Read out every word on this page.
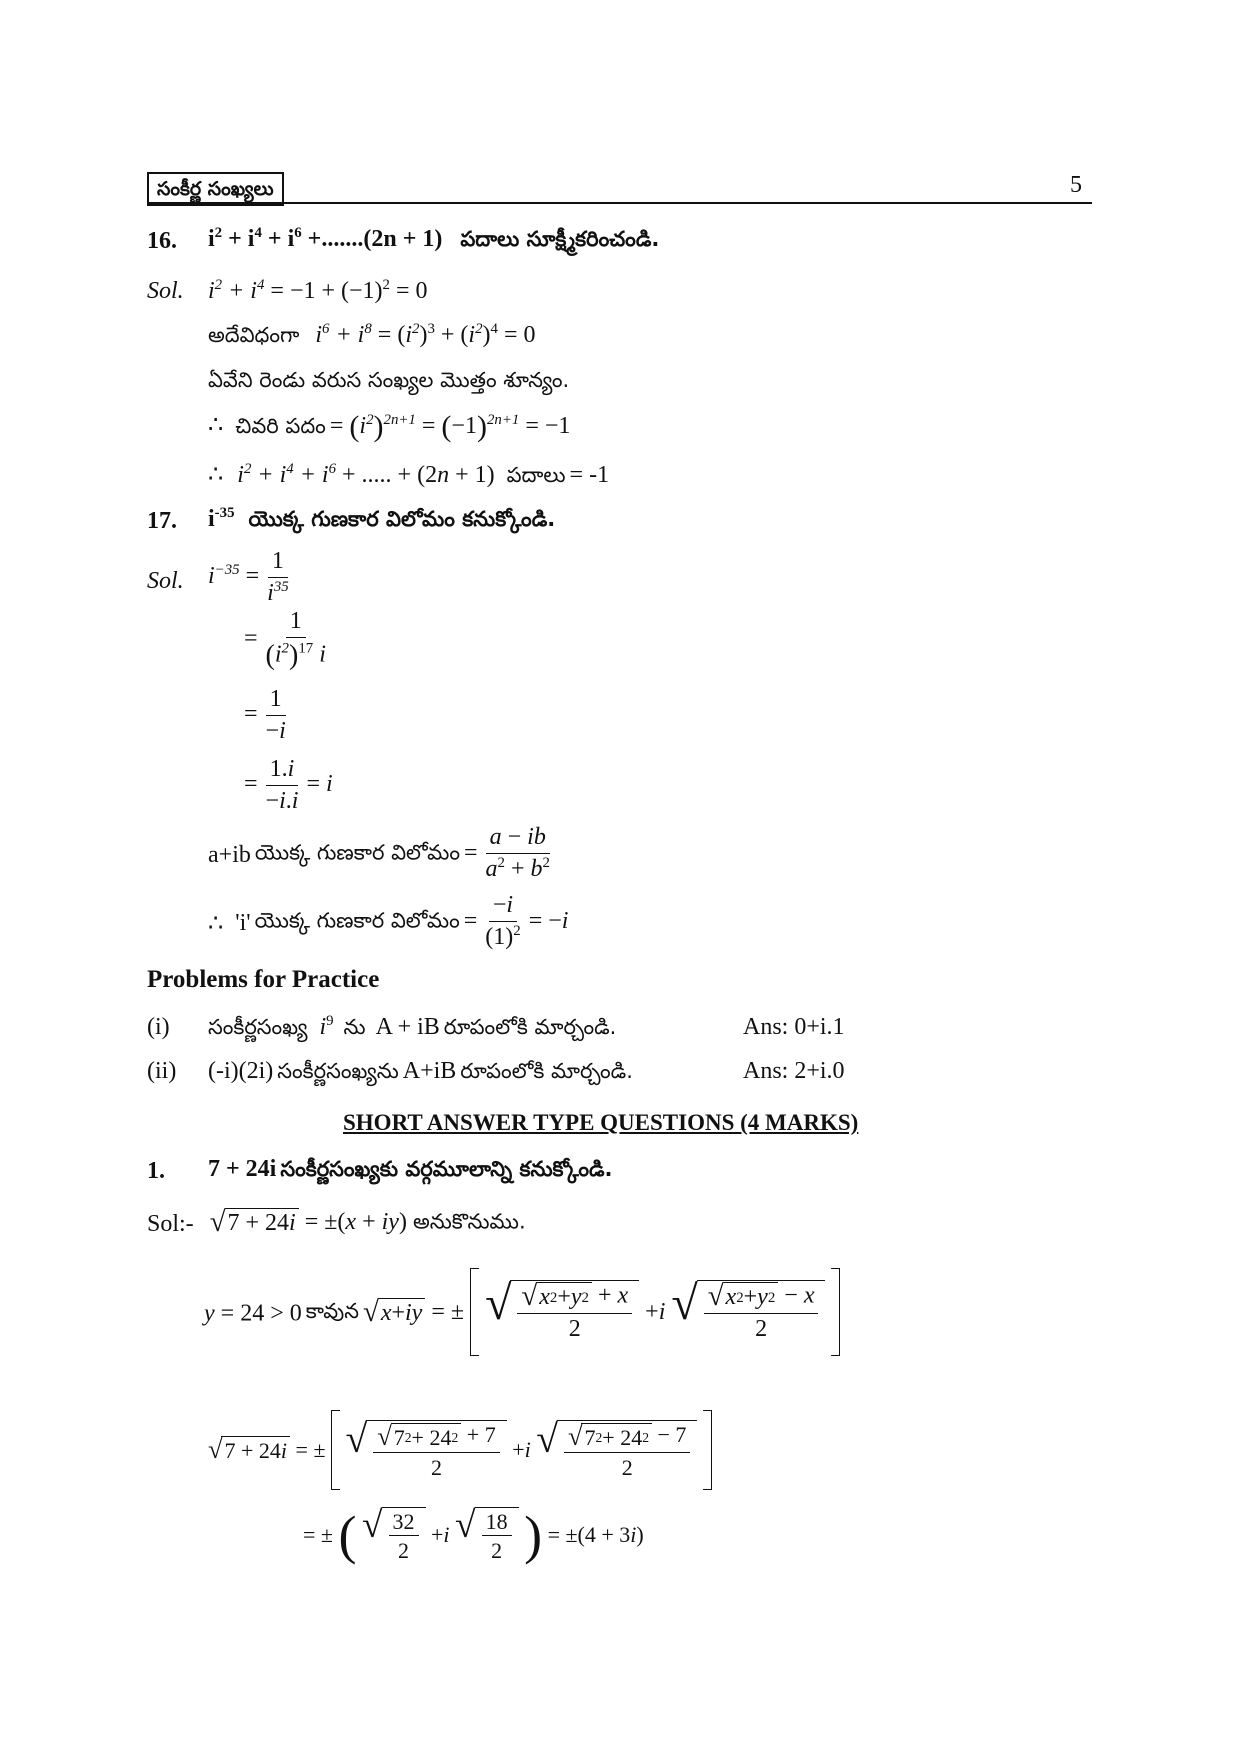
సంకీర్ణ సంఖ్యలు	5
16. $i^2 + i^4 + i^6 +.......(2n + 1)$ పదాలు సూక్ష్మీకరించండి.
Sol. $i^2 + i^4 = -1 + (-1)^2 = 0$
అదేవిధంగా $i^6 + i^8 = (i^2)^3 + (i^2)^4 = 0$
ఏవేని రెండు వరుస సంఖ్యల మొత్తం శూన్యం.
∴ చివరి పదం = $(i^2)^{2n+1} = (-1)^{2n+1} = -1$
∴ $i^2 + i^4 + i^6$ + ..... + (2n + 1) పదాలు = -1
17. $i^{-35}$ యొక్క గుణకార విలోమం కనుక్కోండి.
Sol. $i^{-35} = \frac{1}{i^{35}}$
= $\frac{1}{(i^2)^{17} i}$
= $\frac{1}{-i}$
= $\frac{1.i}{-i.i} = i$
a+ib యొక్క గుణకార విలోమం = $\frac{a - ib}{a^2 + b^2}$
∴ 'i' యొక్క గుణకార విలోమం = $\frac{-i}{(1)^2} = -i$
Problems for Practice
(i) సంకీర్ణసంఖ్య $i^9$ ను A + iB రూపంలోకి మార్చండి.	Ans: 0+i.1
(ii) (-i)(2i) సంకీర్ణసంఖ్యను A+iB రూపంలోకి మార్చండి.	Ans: 2+i.0
SHORT ANSWER TYPE QUESTIONS (4 MARKS)
1. 7 + 24i సంకీర్ణసంఖ్యకు వర్గమూలాన్ని కనుక్కోండి.
Sol:- √ 7 + 24 i = ±(x + iy) అనుకొనుము.
y = 24 > 0 కావున √ x + iy = ± √ $\frac{√ x 2 + y 2 + x}{2} +i$ √ $\frac{√ x 2 + y 2 - x}{2}$

√ 7 + 24 i = ± √ $\frac{√ 7 2 + 24 2 + 7}{2} +i$ √ $\frac{√ 7 2 + 24 2 - 7}{2}$

= ± ( √ $\frac{32}{2} +i$ √ $\frac{18}{2}$ ) = ±(4 + 3i)
